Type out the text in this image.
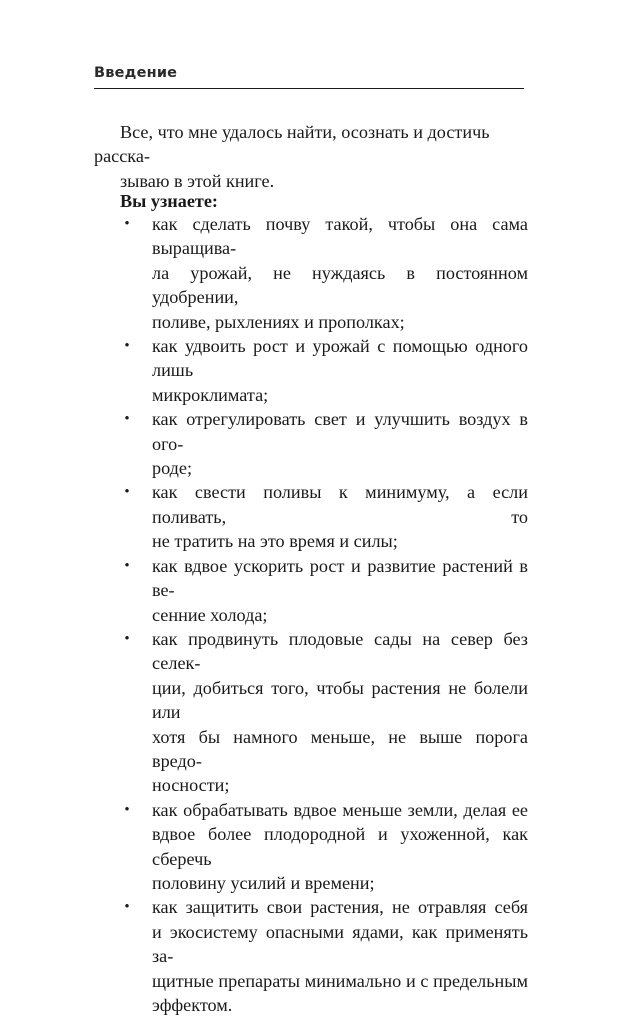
Введение

Все, что мне удалось найти, осознать и достичь расска-
зываю в этой книге.

Вы узнаете:

• как сделать почву такой, чтобы она сама выращива-
ла урожай, не нуждаясь в постоянном удобрении,
поливе, рыхлениях и прополках;
• как удвоить рост и урожай с помощью одного лишь
микроклимата;
• как отрегулировать свет и улучшить воздух в ого-
роде;
• как свести поливы к минимуму, а если поливать, то
не тратить на это время и силы;
• как вдвое ускорить рост и развитие растений в ве-
сенние холода;
• как продвинуть плодовые сады на север без селек-
ции, добиться того, чтобы растения не болели или
хотя бы намного меньше, не выше порога вредо-
носности;
• как обрабатывать вдвое меньше земли, делая ее
вдвое более плодородной и ухоженной, как сберечь
половину усилий и времени;
• как защитить свои растения, не отравляя себя
и экосистему опасными ядами, как применять за-
щитные препараты минимально и с предельным
эффектом.
